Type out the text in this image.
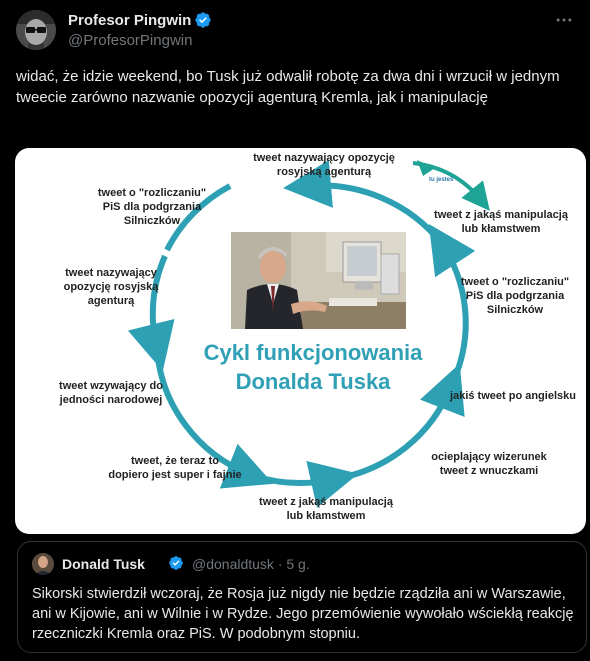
Profesor Pingwin
@ProfesorPingwin
widać, że idzie weekend, bo Tusk już odwalił robotę za dwa dni i wrzucił w jednym tweecie zarówno nazwanie opozycji agenturą Kremla, jak i manipulację
tu jesteś
Cykl funkcjonowania
Donalda Tuska
tweet nazywający opozycję
rosyjską agenturą
tweet z jakąś manipulacją
lub kłamstwem
tweet o "rozliczaniu"
PiS dla podgrzania
Silniczków
jakiś tweet po angielsku
ocieplający wizerunek
tweet z wnuczkami
tweet z jakąś manipulacją
lub kłamstwem
tweet, że teraz to
dopiero jest super i fajnie
tweet wzywający do
jedności narodowej
tweet nazywający
opozycję rosyjską
agenturą
tweet o "rozliczaniu"
PiS dla podgrzania
Silniczków
Donald Tusk	@donaldtusk · 5 g.
Sikorski stwierdził wczoraj, że Rosja już nigdy nie będzie rządziła ani w Warszawie, ani w Kijowie, ani w Wilnie i w Rydze. Jego przemówienie wywołało wściekłą reakcję rzeczniczki Kremla oraz PiS. W podobnym stopniu.
